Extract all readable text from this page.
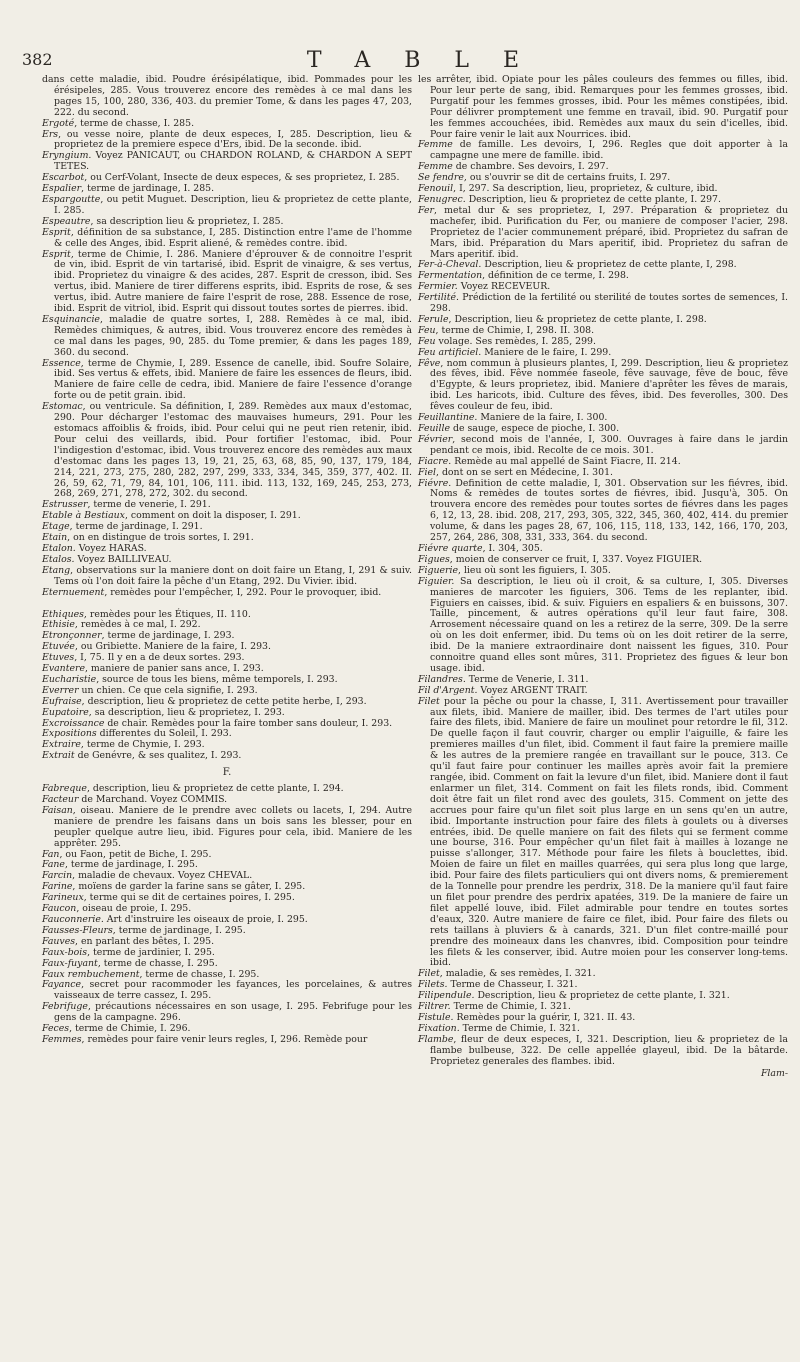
382	TABLE

dans cette maladie, ibid. Poudre érésipélatique, ibid. Pommades pour les érésipeles, 285. Vous trouverez encore des remèdes à ce mal dans les pages 15, 100, 280, 336, 403. du premier Tome, & dans les pages 47, 203, 222. du second.

Ergoté, terme de chasse, I. 285.

Ers, ou vesse noire, plante de deux especes, I, 285. Description, lieu & proprietez de la premiere espece d'Ers, ibid. De la seconde. ibid.

Eryngium. Voyez PANICAUT, ou CHARDON ROLAND, & CHARDON A SEPT TETES.

Escarbot, ou Cerf-Volant, Insecte de deux especes, & ses proprietez, I. 285.

Espalier, terme de jardinage, I. 285.

Espargoutte, ou petit Muguet. Description, lieu & proprietez de cette plante, I. 285.

Espeautre, sa description lieu & proprietez, I. 285.

Esprit, définition de sa substance, I, 285. Distinction entre l'ame de l'homme & celle des Anges, ibid. Esprit aliené, & remèdes contre. ibid.

Esprit, terme de Chimie, I. 286. Maniere d'éprouver & de connoitre l'esprit de vin, ibid. Esprit de vin tartarisé, ibid. Esprit de vinaigre, & ses vertus, ibid. Proprietez du vinaigre & des acides, 287. Esprit de cresson, ibid. Ses vertus, ibid. Maniere de tirer differens esprits, ibid. Esprits de rose, & ses vertus, ibid. Autre maniere de faire l'esprit de rose, 288. Essence de rose, ibid. Esprit de vitriol, ibid. Esprit qui dissout toutes sortes de pierres. ibid.

Esquinancie, maladie de quatre sortes, I, 288. Remèdes à ce mal, ibid. Remèdes chimiques, & autres, ibid. Vous trouverez encore des remèdes à ce mal dans les pages, 90, 285. du Tome premier, & dans les pages 189, 360. du second.

Essence, terme de Chymie, I, 289. Essence de canelle, ibid. Soufre Solaire, ibid. Ses vertus & effets, ibid. Maniere de faire les essences de fleurs, ibid. Maniere de faire celle de cedra, ibid. Maniere de faire l'essence d'orange forte ou de petit grain. ibid.

Estomac, ou ventricule. Sa définition, I, 289. Remèdes aux maux d'estomac, 290. Pour décharger l'estomac des mauvaises humeurs, 291. Pour les estomacs affoiblis & froids, ibid. Pour celui qui ne peut rien retenir, ibid. Pour celui des veillards, ibid. Pour fortifier l'estomac, ibid. Pour l'indigestion d'estomac, ibid. Vous trouverez encore des remèdes aux maux d'estomac dans les pages 13, 19, 21, 25, 63, 68, 85, 90, 137, 179, 184, 214, 221, 273, 275, 280, 282, 297, 299, 333, 334, 345, 359, 377, 402. II. 26, 59, 62, 71, 79, 84, 101, 106, 111. ibid. 113, 132, 169, 245, 253, 273, 268, 269, 271, 278, 272, 302. du second.

Estrusser, terme de venerie, I. 291.

Etable à Bestiaux, comment on doit la disposer, I. 291.

Etage, terme de jardinage, I. 291.

Etain, on en distingue de trois sortes, I. 291.

Etalon. Voyez HARAS.

Etalos. Voyez BAILLIVEAU.

Etang, observations sur la maniere dont on doit faire un Etang, I, 291 & suiv. Tems où l'on doit faire la pêche d'un Etang, 292. Du Vivier. ibid.

Eternuement, remèdes pour l'empêcher, I, 292. Pour le provoquer, ibid.

Ethiques, remèdes pour les Étiques, II. 110.

Ethisie, remèdes à ce mal, I. 292.

Etronçonner, terme de jardinage, I. 293.

Etuvée, ou Gribiette. Maniere de la faire, I. 293.

Etuves, I, 75. Il y en a de deux sortes. 293.

Evantere, maniere de panier sans ance, I. 293.

Eucharistie, source de tous les biens, même temporels, I. 293.

Everrer un chien. Ce que cela signifie, I. 293.

Eufraise, description, lieu & proprietez de cette petite herbe, I, 293.

Eupatoire, sa description, lieu & proprietez, I. 293.

Excroissance de chair. Remèdes pour la faire tomber sans douleur, I. 293.

Expositions differentes du Soleil, I. 293.

Extraire, terme de Chymie, I. 293.

Extrait de Genévre, & ses qualitez, I. 293.

F.

Fabreque, description, lieu & proprietez de cette plante, I. 294.

Facteur de Marchand. Voyez COMMIS.

Faisan, oiseau. Maniere de le prendre avec collets ou lacets, I, 294. Autre maniere de prendre les faisans dans un bois sans les blesser, pour en peupler quelque autre lieu, ibid. Figures pour cela, ibid. Maniere de les apprêter. 295.

Fan, ou Faon, petit de Biche, I. 295.

Fane, terme de jardinage, I. 295.

Farcin, maladie de chevaux. Voyez CHEVAL.

Farine, moïens de garder la farine sans se gâter, I. 295.

Farineux, terme qui se dit de certaines poires, I. 295.

Faucon, oiseau de proie, I. 295.

Fauconnerie. Art d'instruire les oiseaux de proie, I. 295.

Fausses-Fleurs, terme de jardinage, I. 295.

Fauves, en parlant des bêtes, I. 295.

Faux-bois, terme de jardinier, I. 295.

Faux-fuyant, terme de chasse, I. 295.

Faux rembuchement, terme de chasse, I. 295.

Fayance, secret pour racommoder les fayances, les porcelaines, & autres vaisseaux de terre cassez, I. 295.

Febrifuge, précautions nécessaires en son usage, I. 295. Febrifuge pour les gens de la campagne. 296.

Feces, terme de Chimie, I. 296.

Femmes, remèdes pour faire venir leurs regles, I, 296. Remède pour

les arrêter, ibid. Opiate pour les pâles couleurs des femmes ou filles, ibid. Pour leur perte de sang, ibid. Remarques pour les femmes grosses, ibid. Purgatif pour les femmes grosses, ibid. Pour les mêmes constipées, ibid. Pour délivrer promptement une femme en travail, ibid. 90. Purgatif pour les femmes accouchées, ibid. Remèdes aux maux du sein d'icelles, ibid. Pour faire venir le lait aux Nourrices. ibid.

Femme de famille. Les devoirs, I, 296. Regles que doit apporter à la campagne une mere de famille. ibid.

Femme de chambre. Ses devoirs, I. 297.

Se fendre, ou s'ouvrir se dit de certains fruits, I. 297.

Fenouil, I, 297. Sa description, lieu, proprietez, & culture, ibid.

Fenugrec. Description, lieu & proprietez de cette plante, I. 297.

Fer, metal dur & ses proprietez, I, 297. Préparation & proprietez du machefer, ibid. Purification du Fer, ou maniere de composer l'acier, 298. Proprietez de l'acier communement préparé, ibid. Proprietez du safran de Mars, ibid. Préparation du Mars aperitif, ibid. Proprietez du safran de Mars aperitif. ibid.

Fer-à-Cheval. Description, lieu & proprietez de cette plante, I, 298.

Fermentation, définition de ce terme, I. 298.

Fermier. Voyez RECEVEUR.

Fertilité. Prédiction de la fertilité ou sterilité de toutes sortes de semences, I. 298.

Ferule, Description, lieu & proprietez de cette plante, I. 298.

Feu, terme de Chimie, I, 298. II. 308.

Feu volage. Ses remèdes, I. 285, 299.

Feu artificiel. Maniere de le faire, I. 299.

Fêve, nom commun à plusieurs plantes, I, 299. Description, lieu & proprietez des fêves, ibid. Fêve nommée faseole, fêve sauvage, fêve de bouc, fêve d'Egypte, & leurs proprietez, ibid. Maniere d'aprêter les fêves de marais, ibid. Les haricots, ibid. Culture des fêves, ibid. Des feverolles, 300. Des fêves couleur de feu, ibid.

Feuillantine. Maniere de la faire, I. 300.

Feuille de sauge, espece de pioche, I. 300.

Février, second mois de l'année, I, 300. Ouvrages à faire dans le jardin pendant ce mois, ibid. Recolte de ce mois. 301.

Fiacre. Remède au mal appellé de Saint Fiacre, II. 214.

Fiel, dont on se sert en Médecine, I. 301.

Fiévre. Definition de cette maladie, I, 301. Observation sur les fiévres, ibid. Noms & remèdes de toutes sortes de fiévres, ibid. Jusqu'à, 305. On trouvera encore des remèdes pour toutes sortes de fiévres dans les pages 6, 12, 13, 28. ibid. 208, 217, 293, 305, 322, 345, 360, 402, 414. du premier volume, & dans les pages 28, 67, 106, 115, 118, 133, 142, 166, 170, 203, 257, 264, 286, 308, 331, 333, 364. du second.

Fiévre quarte, I. 304, 305.

Figues, moien de conserver ce fruit, I, 337. Voyez FIGUIER.

Figuerie, lieu où sont les figuiers, I. 305.

Figuier. Sa description, le lieu où il croit, & sa culture, I, 305. Diverses manieres de marcoter les figuiers, 306. Tems de les replanter, ibid. Figuiers en caisses, ibid. & suiv. Figuiers en espaliers & en buissons, 307. Taille, pincement, & autres opérations qu'il leur faut faire, 308. Arrosement nécessaire quand on les a retirez de la serre, 309. De la serre où on les doit enfermer, ibid. Du tems où on les doit retirer de la serre, ibid. De la maniere extraordinaire dont naissent les figues, 310. Pour connoitre quand elles sont mûres, 311. Proprietez des figues & leur bon usage. ibid.

Filandres. Terme de Venerie, I. 311.

Fil d'Argent. Voyez ARGENT TRAIT.

Filet pour la pêche ou pour la chasse, I, 311. Avertissement pour travailler aux filets, ibid. Maniere de mailler, ibid. Des termes de l'art utiles pour faire des filets, ibid. Maniere de faire un moulinet pour retordre le fil, 312. De quelle façon il faut couvrir, charger ou emplir l'aiguille, & faire les premieres mailles d'un filet, ibid. Comment il faut faire la premiere maille & les autres de la premiere rangée en travaillant sur le pouce, 313. Ce qu'il faut faire pour continuer les mailles après avoir fait la premiere rangée, ibid. Comment on fait la levure d'un filet, ibid. Maniere dont il faut enlarmer un filet, 314. Comment on fait les filets ronds, ibid. Comment doit être fait un filet rond avec des goulets, 315. Comment on jette des accrues pour faire qu'un filet soit plus large en un sens qu'en un autre, ibid. Importante instruction pour faire des filets à goulets ou à diverses entrées, ibid. De quelle maniere on fait des filets qui se ferment comme une bourse, 316. Pour empêcher qu'un filet fait à mailles à lozange ne puisse s'allonger, 317. Méthode pour faire les filets à bouclettes, ibid. Moien de faire un filet en mailles quarrées, qui sera plus long que large, ibid. Pour faire des filets particuliers qui ont divers noms, & premierement de la Tonnelle pour prendre les perdrix, 318. De la maniere qu'il faut faire un filet pour prendre des perdrix apatées, 319. De la maniere de faire un filet appellé louve, ibid. Filet admirable pour tendre en toutes sortes d'eaux, 320. Autre maniere de faire ce filet, ibid. Pour faire des filets ou rets taillans à pluviers & à canards, 321. D'un filet contre-maillé pour prendre des moineaux dans les chanvres, ibid. Composition pour teindre les filets & les conserver, ibid. Autre moien pour les conserver long-tems. ibid.

Filet, maladie, & ses remèdes, I. 321.

Filets. Terme de Chasseur, I. 321.

Filipendule. Description, lieu & proprietez de cette plante, I. 321.

Filtrer. Terme de Chimie, I. 321.

Fistule. Remèdes pour la guérir, I, 321. II. 43.

Fixation. Terme de Chimie, I. 321.

Flambe, fleur de deux especes, I, 321. Description, lieu & proprietez de la flambe bulbeuse, 322. De celle appellée glayeul, ibid. De la bâtarde. Proprietez generales des flambes. ibid.

Flam-
